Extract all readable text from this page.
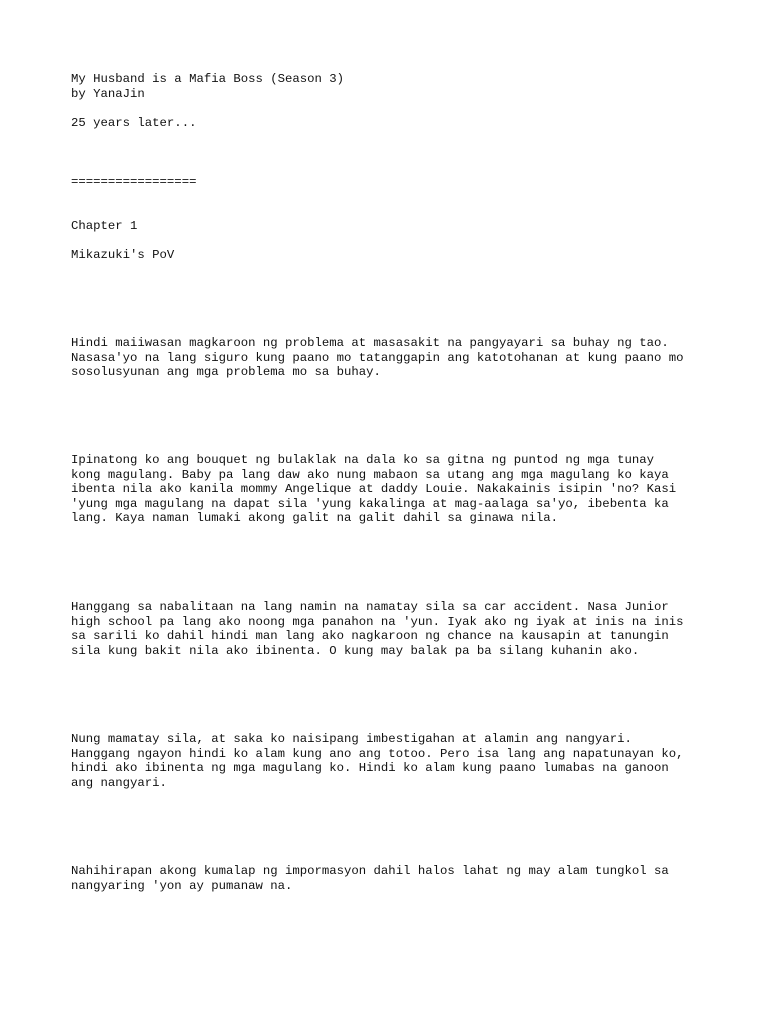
My Husband is a Mafia Boss (Season 3)
by YanaJin
25 years later...
=================
Chapter 1
Mikazuki's PoV
Hindi maiiwasan magkaroon ng problema at masasakit na pangyayari sa buhay ng tao.
Nasasa'yo na lang siguro kung paano mo tatanggapin ang katotohanan at kung paano mo
sosolusyunan ang mga problema mo sa buhay.
Ipinatong ko ang bouquet ng bulaklak na dala ko sa gitna ng puntod ng mga tunay
kong magulang. Baby pa lang daw ako nung mabaon sa utang ang mga magulang ko kaya
ibenta nila ako kanila mommy Angelique at daddy Louie. Nakakainis isipin 'no? Kasi
'yung mga magulang na dapat sila 'yung kakalinga at mag-aalaga sa'yo, ibebenta ka
lang. Kaya naman lumaki akong galit na galit dahil sa ginawa nila.
Hanggang sa nabalitaan na lang namin na namatay sila sa car accident. Nasa Junior
high school pa lang ako noong mga panahon na 'yun. Iyak ako ng iyak at inis na inis
sa sarili ko dahil hindi man lang ako nagkaroon ng chance na kausapin at tanungin
sila kung bakit nila ako ibinenta. O kung may balak pa ba silang kuhanin ako.
Nung mamatay sila, at saka ko naisipang imbestigahan at alamin ang nangyari.
Hanggang ngayon hindi ko alam kung ano ang totoo. Pero isa lang ang napatunayan ko,
hindi ako ibinenta ng mga magulang ko. Hindi ko alam kung paano lumabas na ganoon
ang nangyari.
Nahihirapan akong kumalap ng impormasyon dahil halos lahat ng may alam tungkol sa
nangyaring 'yon ay pumanaw na.
